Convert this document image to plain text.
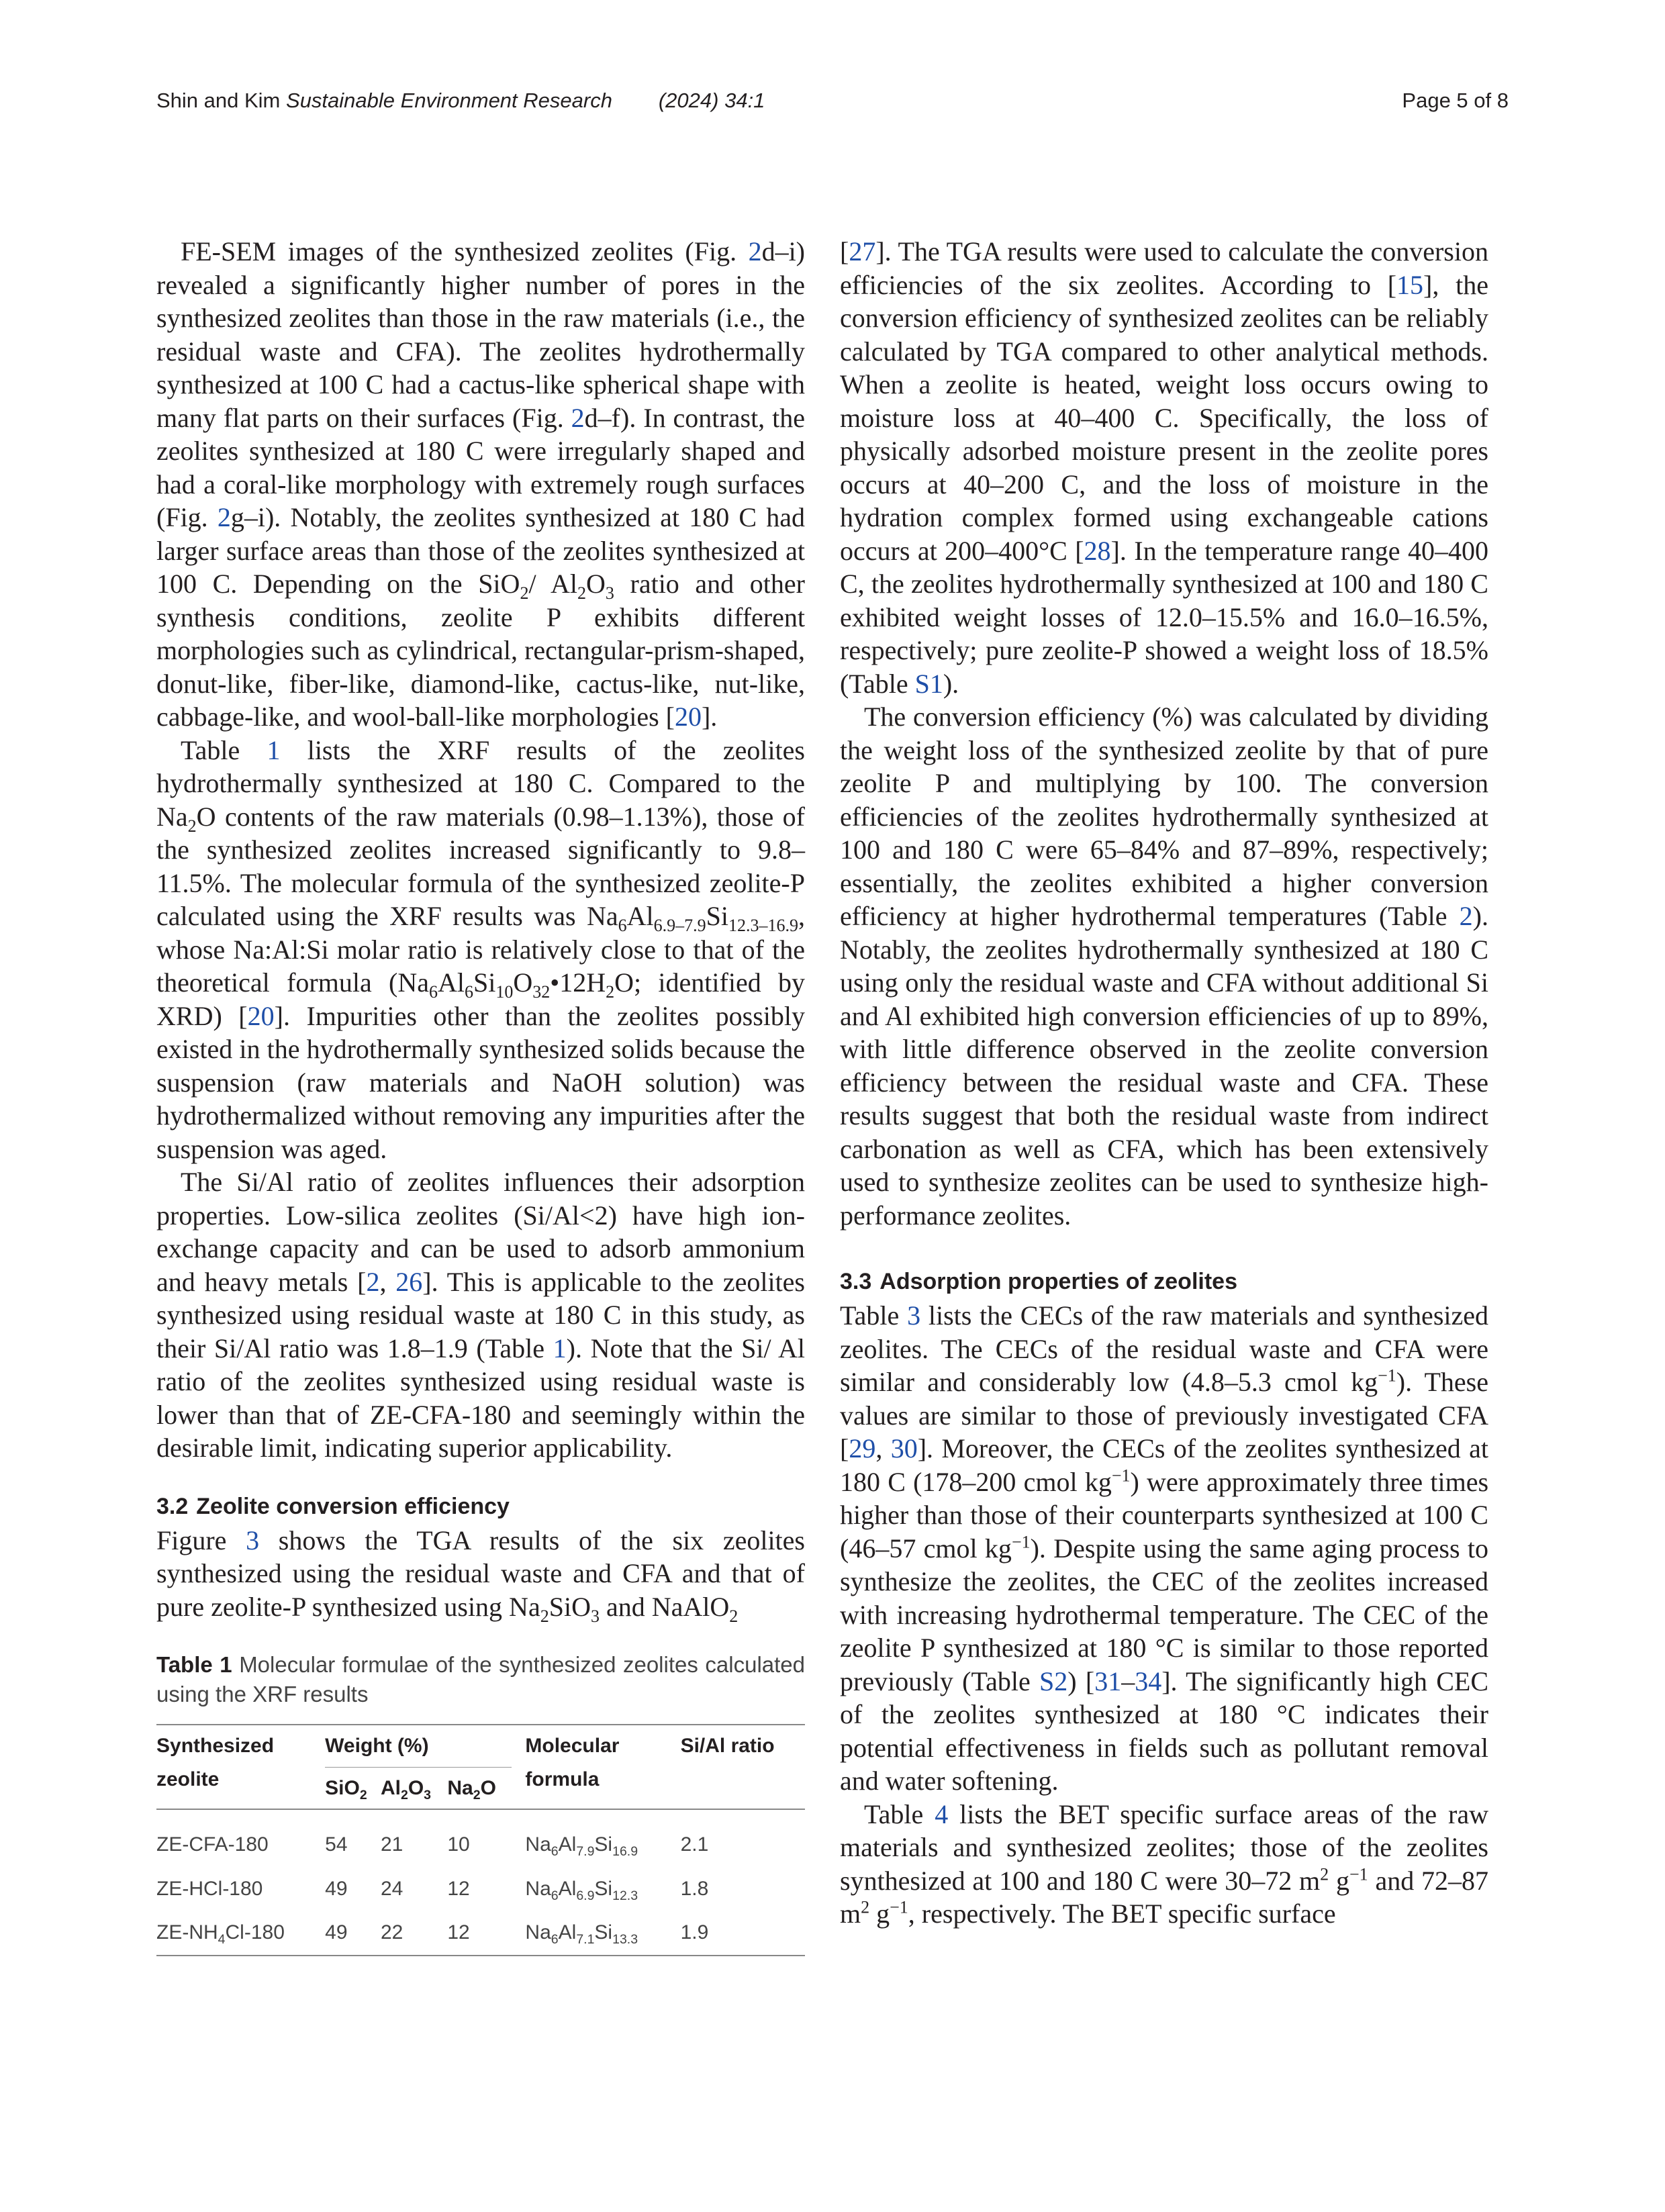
Shin and Kim Sustainable Environment Research (2024) 34:1	Page 5 of 8

FE-SEM images of the synthesized zeolites (Fig. 2d–i) revealed a significantly higher number of pores in the synthesized zeolites than those in the raw materials (i.e., the residual waste and CFA). The zeolites hydrothermally synthesized at 100 C had a cactus-like spherical shape with many flat parts on their surfaces (Fig. 2d–f). In contrast, the zeolites synthesized at 180 C were irregularly shaped and had a coral-like morphology with extremely rough surfaces (Fig. 2g–i). Notably, the zeolites synthesized at 180 C had larger surface areas than those of the zeolites synthesized at 100 C. Depending on the SiO$_2$/ $Al_2O_3$ ratio and other synthesis conditions, zeolite P exhibits different morphologies such as cylindrical, rectangular-prism-shaped, donut-like, fiber-like, diamond-like, cactus-like, nut-like, cabbage-like, and wool-ball-like morphologies [20].

Table 1 lists the XRF results of the zeolites hydrothermally synthesized at 180 C. Compared to the $Na_2O$ contents of the raw materials (0.98–1.13%), those of the synthesized zeolites increased significantly to 9.8–11.5%. The molecular formula of the synthesized zeolite-P calculated using the XRF results was $Na_6Al_{6.9-7.9}Si_{12.3-16.9}$, whose Na:Al:Si molar ratio is relatively close to that of the theoretical formula ($Na_6Al_6Si_{10}O_{32}•12H_2O$; identified by XRD) [20]. Impurities other than the zeolites possibly existed in the hydrothermally synthesized solids because the suspension (raw materials and NaOH solution) was hydrothermalized without removing any impurities after the suspension was aged.

The Si/Al ratio of zeolites influences their adsorption properties. Low-silica zeolites (Si/Al<2) have high ion-exchange capacity and can be used to adsorb ammonium and heavy metals [2, 26]. This is applicable to the zeolites synthesized using residual waste at 180 C in this study, as their Si/Al ratio was 1.8–1.9 (Table 1). Note that the Si/ Al ratio of the zeolites synthesized using residual waste is lower than that of ZE-CFA-180 and seemingly within the desirable limit, indicating superior applicability.

3.2 Zeolite conversion efficiency

Figure 3 shows the TGA results of the six zeolites synthesized using the residual waste and CFA and that of pure zeolite-P synthesized using $Na_2SiO_3$ and NaAlO$_2$

Table 1 Molecular formulae of the synthesized zeolites calculated using the XRF results
Synthesized zeolite	Weight (%)			Molecular formula	Si/Al ratio
	SiO$_2$	$Al_2O_3$	$Na_2O$		

ZE-CFA-180	54	21	10	$Na_6Al_{7.9}Si_{16.9}$	2.1
ZE-HCl-180	49	24	12	$Na_6Al_{6.9}Si_{12.3}$	1.8
$ZE-NH_4Cl-180$	49	22	12	$Na_6Al_{7.1}Si_{13.3}$	1.9

[27]. The TGA results were used to calculate the conversion efficiencies of the six zeolites. According to [15], the conversion efficiency of synthesized zeolites can be reliably calculated by TGA compared to other analytical methods. When a zeolite is heated, weight loss occurs owing to moisture loss at 40–400 C. Specifically, the loss of physically adsorbed moisture present in the zeolite pores occurs at 40–200 C, and the loss of moisture in the hydration complex formed using exchangeable cations occurs at 200–400°C [28]. In the temperature range 40–400 C, the zeolites hydrothermally synthesized at 100 and 180 C exhibited weight losses of 12.0–15.5% and 16.0–16.5%, respectively; pure zeolite-P showed a weight loss of 18.5% (Table S1).

The conversion efficiency (%) was calculated by dividing the weight loss of the synthesized zeolite by that of pure zeolite P and multiplying by 100. The conversion efficiencies of the zeolites hydrothermally synthesized at 100 and 180 C were 65–84% and 87–89%, respectively; essentially, the zeolites exhibited a higher conversion efficiency at higher hydrothermal temperatures (Table 2). Notably, the zeolites hydrothermally synthesized at 180 C using only the residual waste and CFA without additional Si and Al exhibited high conversion efficiencies of up to 89%, with little difference observed in the zeolite conversion efficiency between the residual waste and CFA. These results suggest that both the residual waste from indirect carbonation as well as CFA, which has been extensively used to synthesize zeolites can be used to synthesize high-performance zeolites.

3.3 Adsorption properties of zeolites

Table 3 lists the CECs of the raw materials and synthesized zeolites. The CECs of the residual waste and CFA were similar and considerably low (4.8–5.3 cmol $kg^{-1}$). These values are similar to those of previously investigated CFA [29, 30]. Moreover, the CECs of the zeolites synthesized at 180 C (178–200 cmol $kg^{-1}$) were approximately three times higher than those of their counterparts synthesized at 100 C (46–57 cmol $kg^{-1}$). Despite using the same aging process to synthesize the zeolites, the CEC of the zeolites increased with increasing hydrothermal temperature. The CEC of the zeolite P synthesized at 180 °C is similar to those reported previously (Table S2) [31–34]. The significantly high CEC of the zeolites synthesized at 180 °C indicates their potential effectiveness in fields such as pollutant removal and water softening.

Table 4 lists the BET specific surface areas of the raw materials and synthesized zeolites; those of the zeolites synthesized at 100 and 180 C were 30–72 $m^2$ $g^{-1}$ and 72–87 $m^2$ $g^{-1}$, respectively. The BET specific surface
